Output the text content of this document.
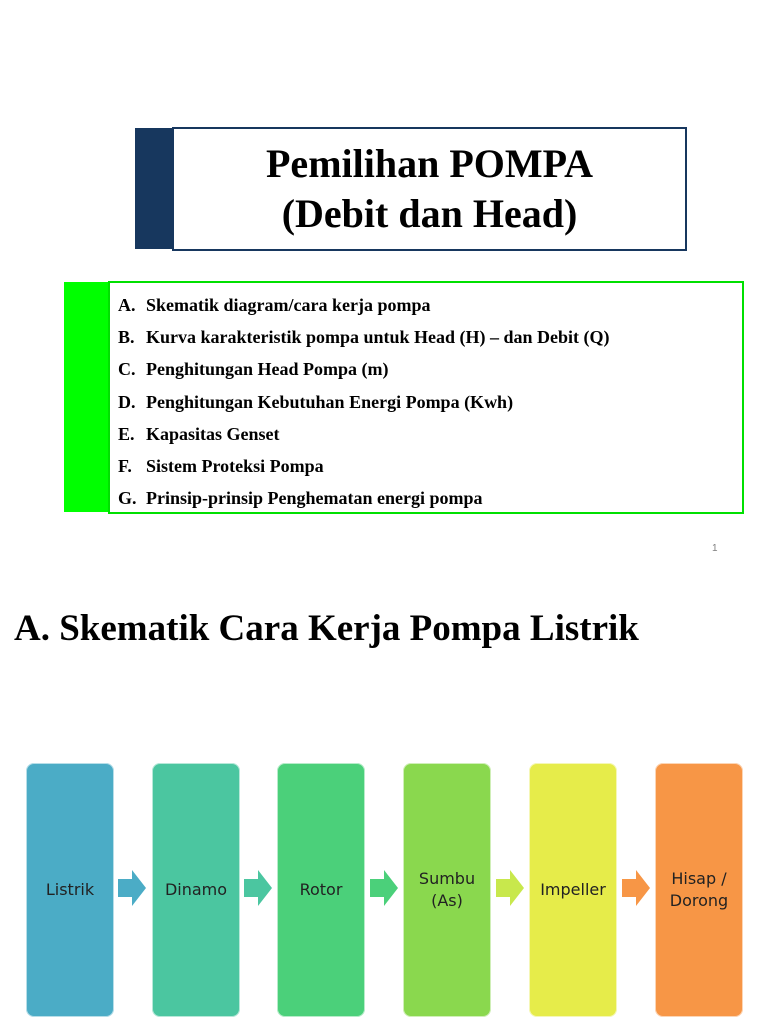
Pemilihan POMPA
(Debit dan Head)
A. Skematik diagram/cara kerja pompa
B. Kurva karakteristik pompa untuk Head (H) – dan Debit (Q)
C. Penghitungan Head Pompa (m)
D. Penghitungan Kebutuhan Energi Pompa (Kwh)
E. Kapasitas Genset
F. Sistem Proteksi Pompa
G. Prinsip-prinsip Penghematan energi pompa
1
A. Skematik Cara Kerja Pompa Listrik
Listrik	Dinamo	Rotor
Sumbu
(As)
Impeller
Hisap /
Dorong
